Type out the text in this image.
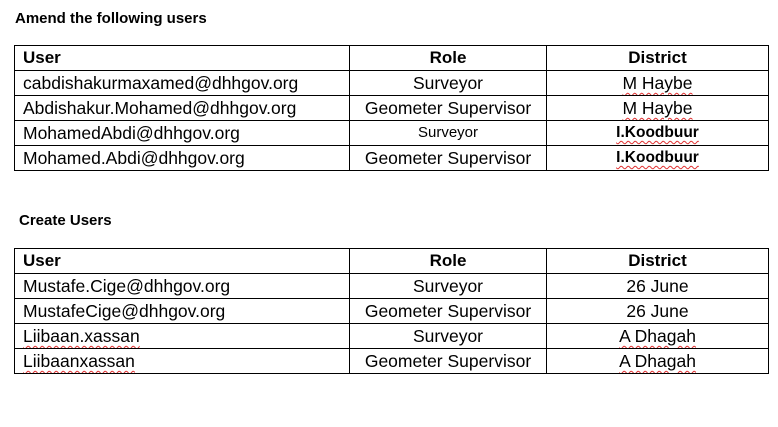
Amend the following users
User	Role	District
cabdishakurmaxamed@dhhgov.org	Surveyor	M Haybe
Abdishakur.Mohamed@dhhgov.org	Geometer Supervisor	M Haybe
MohamedAbdi@dhhgov.org	Surveyor	I.Koodbuur
Mohamed.Abdi@dhhgov.org	Geometer Supervisor	I.Koodbuur
Create Users
User	Role	District
Mustafe.Cige@dhhgov.org	Surveyor	26 June
MustafeCige@dhhgov.org	Geometer Supervisor	26 June
Liibaan.xassan	Surveyor	A Dhagah
Liibaanxassan	Geometer Supervisor	A Dhagah
